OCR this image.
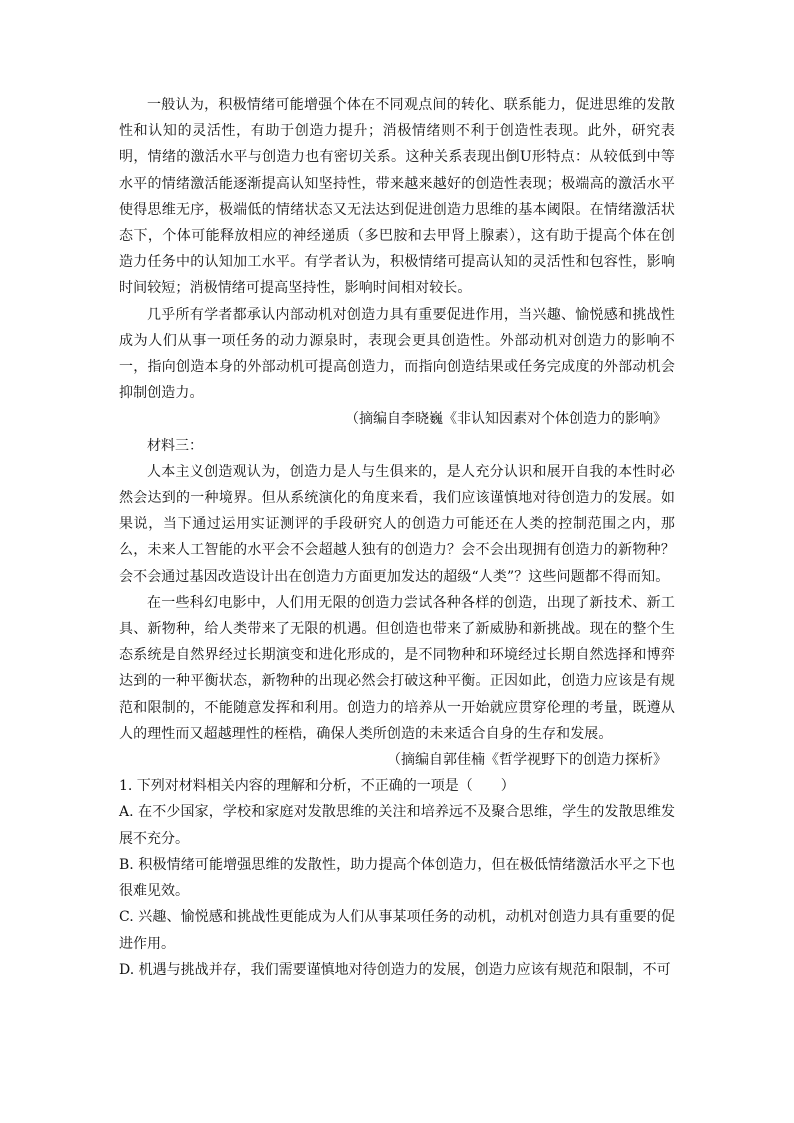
一般认为，积极情绪可能增强个体在不同观点间的转化、联系能力，促进思维的发散性和认知的灵活性，有助于创造力提升；消极情绪则不利于创造性表现。此外，研究表明，情绪的激活水平与创造力也有密切关系。这种关系表现出倒U形特点：从较低到中等水平的情绪激活能逐渐提高认知坚持性，带来越来越好的创造性表现；极端高的激活水平使得思维无序，极端低的情绪状态又无法达到促进创造力思维的基本阈限。在情绪激活状态下，个体可能释放相应的神经递质（多巴胺和去甲肾上腺素），这有助于提高个体在创造力任务中的认知加工水平。有学者认为，积极情绪可提高认知的灵活性和包容性，影响时间较短；消极情绪可提高坚持性，影响时间相对较长。

几乎所有学者都承认内部动机对创造力具有重要促进作用，当兴趣、愉悦感和挑战性成为人们从事一项任务的动力源泉时，表现会更具创造性。外部动机对创造力的影响不一，指向创造本身的外部动机可提高创造力，而指向创造结果或任务完成度的外部动机会抑制创造力。

（摘编自李晓巍《非认知因素对个体创造力的影响》

材料三：

人本主义创造观认为，创造力是人与生俱来的，是人充分认识和展开自我的本性时必然会达到的一种境界。但从系统演化的角度来看，我们应该谨慎地对待创造力的发展。如果说，当下通过运用实证测评的手段研究人的创造力可能还在人类的控制范围之内，那么，未来人工智能的水平会不会超越人独有的创造力？会不会出现拥有创造力的新物种？会不会通过基因改造设计出在创造力方面更加发达的超级“人类”？这些问题都不得而知。

在一些科幻电影中，人们用无限的创造力尝试各种各样的创造，出现了新技术、新工具、新物种，给人类带来了无限的机遇。但创造也带来了新威胁和新挑战。现在的整个生态系统是自然界经过长期演变和进化形成的，是不同物种和环境经过长期自然选择和博弈达到的一种平衡状态，新物种的出现必然会打破这种平衡。正因如此，创造力应该是有规范和限制的，不能随意发挥和利用。创造力的培养从一开始就应贯穿伦理的考量，既遵从人的理性而又超越理性的桎梏，确保人类所创造的未来适合自身的生存和发展。

（摘编自郭佳楠《哲学视野下的创造力探析》

1. 下列对材料相关内容的理解和分析，不正确的一项是（　　）

A. 在不少国家，学校和家庭对发散思维的关注和培养远不及聚合思维，学生的发散思维发展不充分。

B. 积极情绪可能增强思维的发散性，助力提高个体创造力，但在极低情绪激活水平之下也很难见效。

C. 兴趣、愉悦感和挑战性更能成为人们从事某项任务的动机，动机对创造力具有重要的促进作用。

D. 机遇与挑战并存，我们需要谨慎地对待创造力的发展，创造力应该有规范和限制，不可
